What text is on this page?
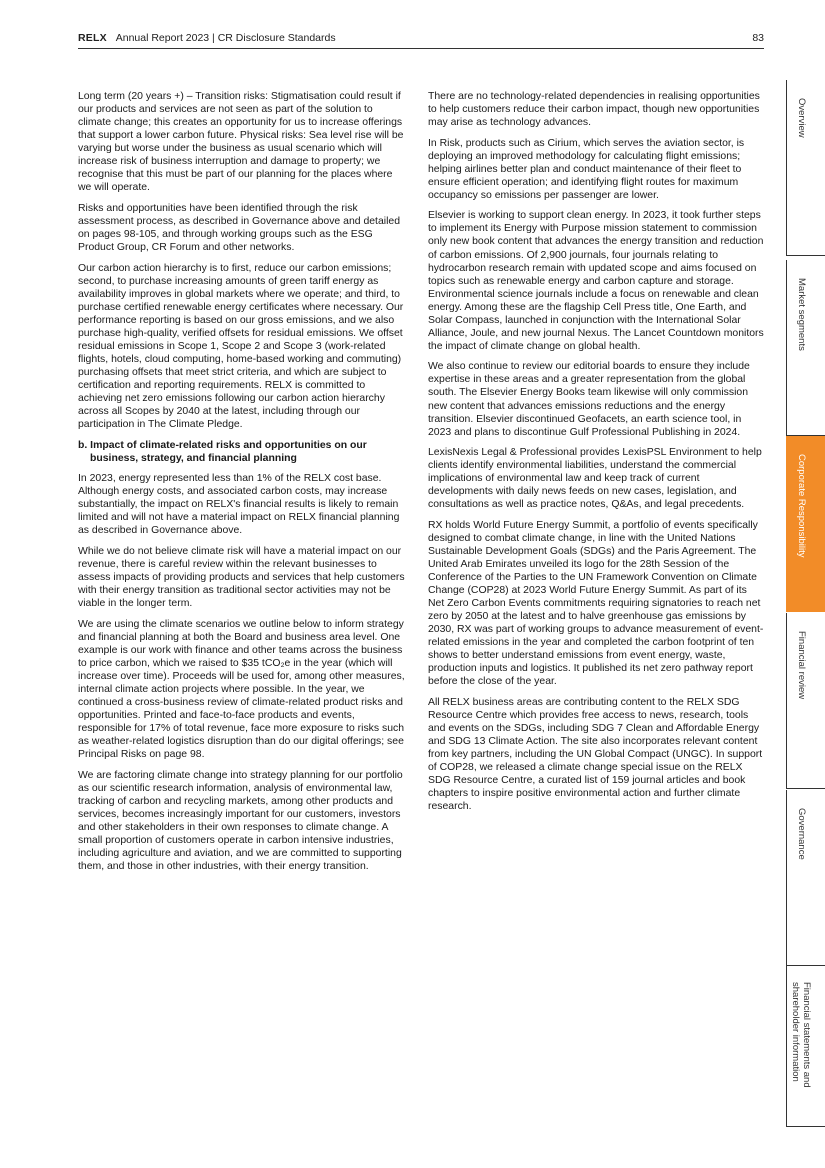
RELX Annual Report 2023 | CR Disclosure Standards	83

Long term (20 years +) – Transition risks: Stigmatisation could result if our products and services are not seen as part of the solution to climate change; this creates an opportunity for us to increase offerings that support a lower carbon future. Physical risks: Sea level rise will be varying but worse under the business as usual scenario which will increase risk of business interruption and damage to property; we recognise that this must be part of our planning for the places where we will operate.

Risks and opportunities have been identified through the risk assessment process, as described in Governance above and detailed on pages 98-105, and through working groups such as the ESG Product Group, CR Forum and other networks.

Our carbon action hierarchy is to first, reduce our carbon emissions; second, to purchase increasing amounts of green tariff energy as availability improves in global markets where we operate; and third, to purchase certified renewable energy certificates where necessary. Our performance reporting is based on our gross emissions, and we also purchase high-quality, verified offsets for residual emissions. We offset residual emissions in Scope 1, Scope 2 and Scope 3 (work-related flights, hotels, cloud computing, home-based working and commuting) purchasing offsets that meet strict criteria, and which are subject to certification and reporting requirements. RELX is committed to achieving net zero emissions following our carbon action hierarchy across all Scopes by 2040 at the latest, including through our participation in The Climate Pledge.

b. Impact of climate-related risks and opportunities on our business, strategy, and financial planning

In 2023, energy represented less than 1% of the RELX cost base. Although energy costs, and associated carbon costs, may increase substantially, the impact on RELX's financial results is likely to remain limited and will not have a material impact on RELX financial planning as described in Governance above.

While we do not believe climate risk will have a material impact on our revenue, there is careful review within the relevant businesses to assess impacts of providing products and services that help customers with their energy transition as traditional sector activities may not be viable in the longer term.

We are using the climate scenarios we outline below to inform strategy and financial planning at both the Board and business area level. One example is our work with finance and other teams across the business to price carbon, which we raised to $35 tCO₂e in the year (which will increase over time). Proceeds will be used for, among other measures, internal climate action projects where possible. In the year, we continued a cross-business review of climate-related product risks and opportunities. Printed and face-to-face products and events, responsible for 17% of total revenue, face more exposure to risks such as weather-related logistics disruption than do our digital offerings; see Principal Risks on page 98.

We are factoring climate change into strategy planning for our portfolio as our scientific research information, analysis of environmental law, tracking of carbon and recycling markets, among other products and services, becomes increasingly important for our customers, investors and other stakeholders in their own responses to climate change. A small proportion of customers operate in carbon intensive industries, including agriculture and aviation, and we are committed to supporting them, and those in other industries, with their energy transition.

There are no technology-related dependencies in realising opportunities to help customers reduce their carbon impact, though new opportunities may arise as technology advances.

In Risk, products such as Cirium, which serves the aviation sector, is deploying an improved methodology for calculating flight emissions; helping airlines better plan and conduct maintenance of their fleet to ensure efficient operation; and identifying flight routes for maximum occupancy so emissions per passenger are lower.

Elsevier is working to support clean energy. In 2023, it took further steps to implement its Energy with Purpose mission statement to commission only new book content that advances the energy transition and reduction of carbon emissions. Of 2,900 journals, four journals relating to hydrocarbon research remain with updated scope and aims focused on topics such as renewable energy and carbon capture and storage. Environmental science journals include a focus on renewable and clean energy. Among these are the flagship Cell Press title, One Earth, and Solar Compass, launched in conjunction with the International Solar Alliance, Joule, and new journal Nexus. The Lancet Countdown monitors the impact of climate change on global health.

We also continue to review our editorial boards to ensure they include expertise in these areas and a greater representation from the global south. The Elsevier Energy Books team likewise will only commission new content that advances emissions reductions and the energy transition. Elsevier discontinued Geofacets, an earth science tool, in 2023 and plans to discontinue Gulf Professional Publishing in 2024.

LexisNexis Legal & Professional provides LexisPSL Environment to help clients identify environmental liabilities, understand the commercial implications of environmental law and keep track of current developments with daily news feeds on new cases, legislation, and consultations as well as practice notes, Q&As, and legal precedents.

RX holds World Future Energy Summit, a portfolio of events specifically designed to combat climate change, in line with the United Nations Sustainable Development Goals (SDGs) and the Paris Agreement. The United Arab Emirates unveiled its logo for the 28th Session of the Conference of the Parties to the UN Framework Convention on Climate Change (COP28) at 2023 World Future Energy Summit. As part of its Net Zero Carbon Events commitments requiring signatories to reach net zero by 2050 at the latest and to halve greenhouse gas emissions by 2030, RX was part of working groups to advance measurement of event-related emissions in the year and completed the carbon footprint of ten shows to better understand emissions from event energy, waste, production inputs and logistics. It published its net zero pathway report before the close of the year.

All RELX business areas are contributing content to the RELX SDG Resource Centre which provides free access to news, research, tools and events on the SDGs, including SDG 7 Clean and Affordable Energy and SDG 13 Climate Action. The site also incorporates relevant content from key partners, including the UN Global Compact (UNGC). In support of COP28, we released a climate change special issue on the RELX SDG Resource Centre, a curated list of 159 journal articles and book chapters to inspire positive environmental action and further climate research.

Overview
Market segments
Corporate Responsibility
Financial review
Governance
Financial statements and shareholder information
